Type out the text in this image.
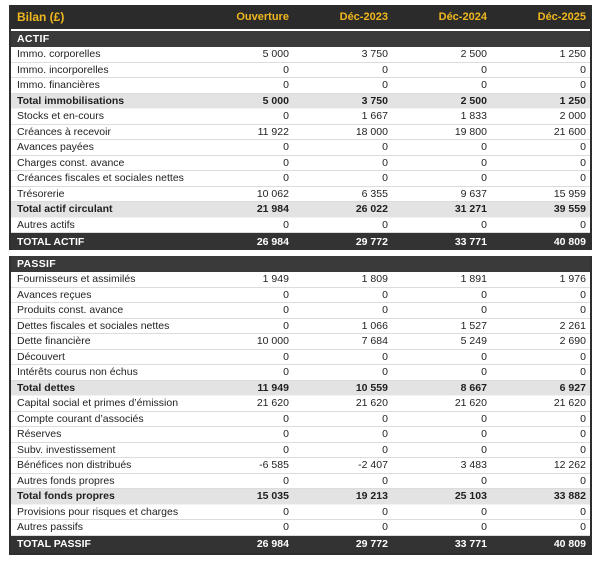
Bilan (£)	Ouverture	Déc-2023	Déc-2024	Déc-2025
ACTIF
Immo. corporelles	5 000	3 750	2 500	1 250
Immo. incorporelles	0	0	0	0
Immo. financières	0	0	0	0
Total immobilisations	5 000	3 750	2 500	1 250
Stocks et en-cours	0	1 667	1 833	2 000
Créances à recevoir	11 922	18 000	19 800	21 600
Avances payées	0	0	0	0
Charges const. avance	0	0	0	0
Créances fiscales et sociales nettes	0	0	0	0
Trésorerie	10 062	6 355	9 637	15 959
Total actif circulant	21 984	26 022	31 271	39 559
Autres actifs	0	0	0	0
TOTAL ACTIF	26 984	29 772	33 771	40 809
PASSIF
Fournisseurs et assimilés	1 949	1 809	1 891	1 976
Avances reçues	0	0	0	0
Produits const. avance	0	0	0	0
Dettes fiscales et sociales nettes	0	1 066	1 527	2 261
Dette financière	10 000	7 684	5 249	2 690
Découvert	0	0	0	0
Intérêts courus non échus	0	0	0	0
Total dettes	11 949	10 559	8 667	6 927
Capital social et primes d’émission	21 620	21 620	21 620	21 620
Compte courant d’associés	0	0	0	0
Réserves	0	0	0	0
Subv. investissement	0	0	0	0
Bénéfices non distribués	-6 585	-2 407	3 483	12 262
Autres fonds propres	0	0	0	0
Total fonds propres	15 035	19 213	25 103	33 882
Provisions pour risques et charges	0	0	0	0
Autres passifs	0	0	0	0
TOTAL PASSIF	26 984	29 772	33 771	40 809
